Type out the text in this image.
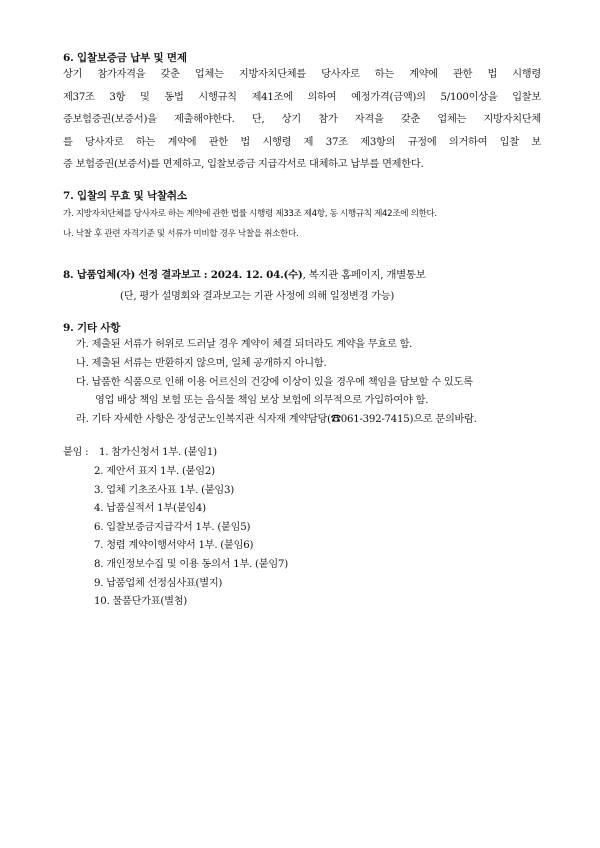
6. 입찰보증금 납부 및 면제
상기 참가자격을 갖춘 업체는 지방자치단체를 당사자로 하는 계약에 관한 법 시행령
제37조 3항 및 동법 시행규칙 제41조에 의하여 예정가격(금액)의 5/100이상을 입찰보
증보험증권(보증서)을 제출해야한다. 단, 상기 참가 자격을 갖춘 업체는 지방자치단체
를 당사자로 하는 계약에 관한 법 시행령 제 37조 제3항의 규정에 의거하여 입찰 보
증 보험증권(보증서)를 면제하고, 입찰보증금 지급각서로 대체하고 납부를 면제한다.
7. 입찰의 무효 및 낙찰취소
가. 지방자치단체를 당사자로 하는 계약에 관한 법률 시행령 제33조 제4항, 동 시행규칙 제42조에 의한다.
나. 낙찰 후 관련 자격기준 및 서류가 미비할 경우 낙찰을 취소한다.
8. 납품업체(자) 선정 결과보고 : 2024. 12. 04.(수), 복지관 홈페이지, 개별통보
(단, 평가 설명회와 결과보고는 기관 사정에 의해 일정변경 가능)
9. 기타 사항
가. 제출된 서류가 허위로 드러날 경우 계약이 체결 되더라도 계약을 무효로 함.
나. 제출된 서류는 반환하지 않으며, 일체 공개하지 아니함.
다. 납품한 식품으로 인해 이용 어르신의 건강에 이상이 있을 경우에 책임을 담보할 수 있도록
영업 배상 책임 보험 또는 음식물 책임 보상 보험에 의무적으로 가입하여야 함.
라. 기타 자세한 사항은 장성군노인복지관 식자재 계약담당(☎061-392-7415)으로 문의바람.
붙임 : 1. 참가신청서 1부. (붙임1)
2. 제안서 표지 1부. (붙임2)
3. 업체 기초조사표 1부. (붙임3)
4. 납품실적서 1부(붙임4)
6. 입찰보증금지급각서 1부. (붙임5)
7. 청렴 계약이행서약서 1부. (붙임6)
8. 개인정보수집 및 이용 동의서 1부. (붙임7)
9. 납품업체 선정심사표(별지)
10. 물품단가표(별첨)
